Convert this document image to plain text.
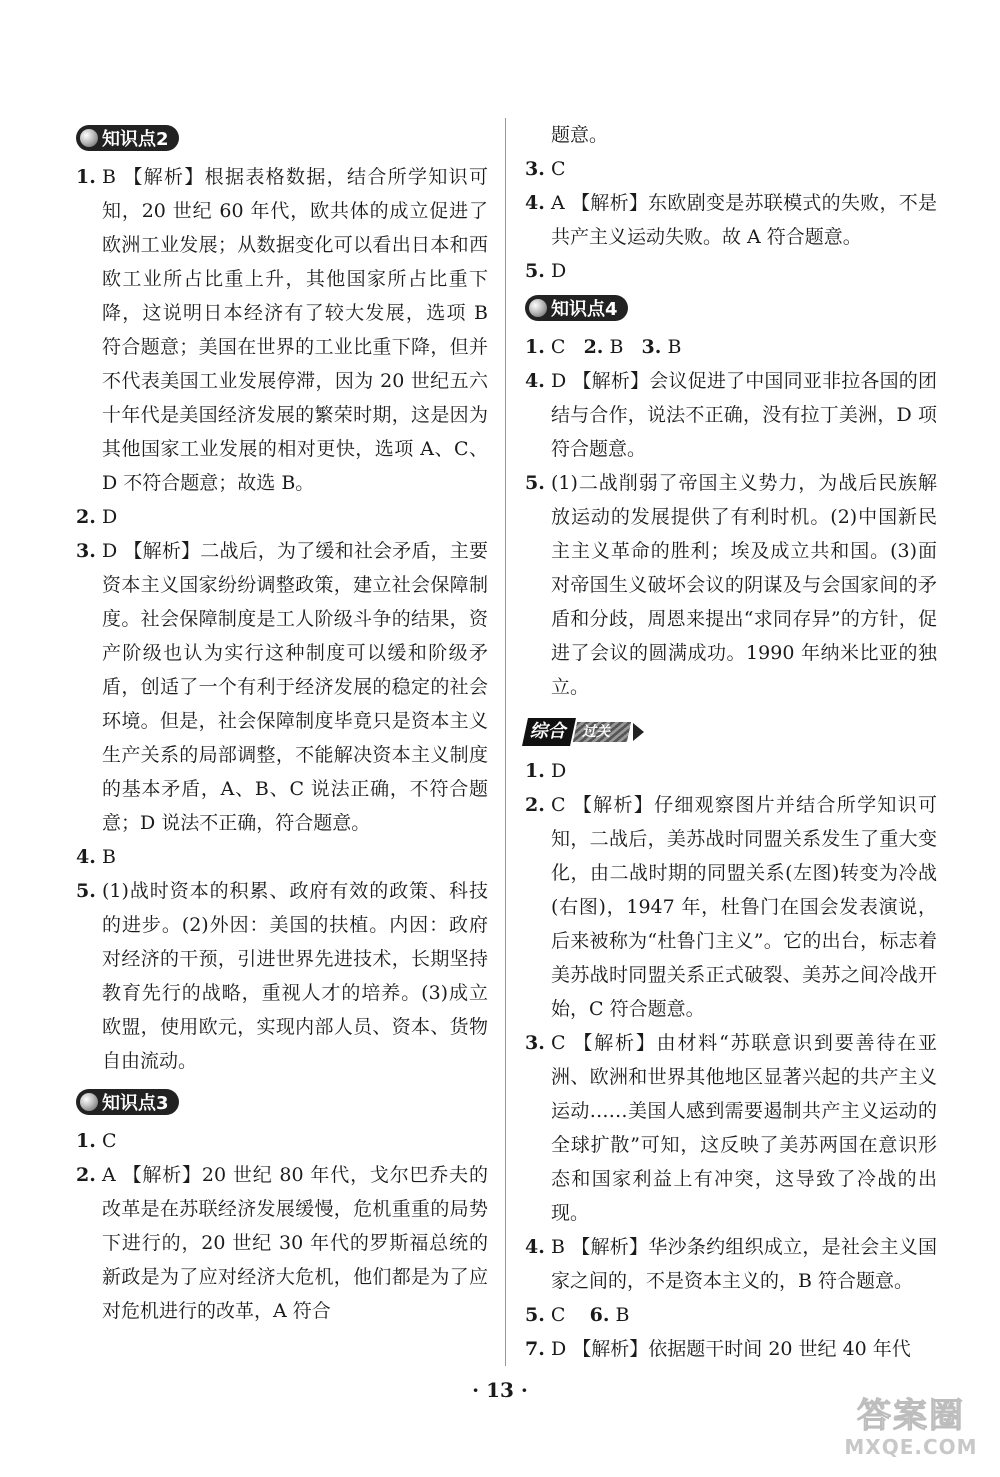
知识点2
1. B 【解析】根据表格数据，结合所学知识可知，20 世纪 60 年代，欧共体的成立促进了欧洲工业发展；从数据变化可以看出日本和西欧工业所占比重上升，其他国家所占比重下降，这说明日本经济有了较大发展，选项 B 符合题意；美国在世界的工业比重下降，但并不代表美国工业发展停滞，因为 20 世纪五六十年代是美国经济发展的繁荣时期，这是因为其他国家工业发展的相对更快，选项 A、C、D 不符合题意；故选 B。
2. D
3. D 【解析】二战后，为了缓和社会矛盾，主要资本主义国家纷纷调整政策，建立社会保障制度。社会保障制度是工人阶级斗争的结果，资产阶级也认为实行这种制度可以缓和阶级矛盾，创适了一个有利于经济发展的稳定的社会环境。但是，社会保障制度毕竟只是资本主义生产关系的局部调整，不能解决资本主义制度的基本矛盾，A、B、C 说法正确，不符合题意；D 说法不正确，符合题意。
4. B
5. (1)战时资本的积累、政府有效的政策、科技的进步。(2)外因：美国的扶植。内因：政府对经济的干预，引进世界先进技术，长期坚持教育先行的战略，重视人才的培养。(3)成立欧盟，使用欧元，实现内部人员、资本、货物自由流动。
知识点3
1. C
2. A 【解析】20 世纪 80 年代，戈尔巴乔夫的改革是在苏联经济发展缓慢，危机重重的局势下进行的，20 世纪 30 年代的罗斯福总统的新政是为了应对经济大危机，他们都是为了应对危机进行的改革，A 符合
题意。
3. C
4. A 【解析】东欧剧变是苏联模式的失败，不是共产主义运动失败。故 A 符合题意。
5. D
知识点4
1. C 2. B 3. B
4. D 【解析】会议促进了中国同亚非拉各国的团结与合作，说法不正确，没有拉丁美洲，D 项符合题意。
5. (1)二战削弱了帝国主义势力，为战后民族解放运动的发展提供了有利时机。(2)中国新民主主义革命的胜利；埃及成立共和国。(3)面对帝国生义破坏会议的阴谋及与会国家间的矛盾和分歧，周恩来提出“求同存异”的方针，促进了会议的圆满成功。1990 年纳米比亚的独立。
综合 过关
1. D
2. C 【解析】仔细观察图片并结合所学知识可知，二战后，美苏战时同盟关系发生了重大变化，由二战时期的同盟关系(左图)转变为冷战(右图)，1947 年，杜鲁门在国会发表演说，后来被称为“杜鲁门主义”。它的出台，标志着美苏战时同盟关系正式破裂、美苏之间冷战开始，C 符合题意。
3. C 【解析】由材料“苏联意识到要善待在亚洲、欧洲和世界其他地区显著兴起的共产主义运动……美国人感到需要遏制共产主义运动的全球扩散”可知，这反映了美苏两国在意识形态和国家利益上有冲突，这导致了冷战的出现。
4. B 【解析】华沙条约组织成立，是社会主义国家之间的，不是资本主义的，B 符合题意。
5. C 6. B
7. D 【解析】依据题干时间 20 世纪 40 年代
· 13 ·
答案圈
MXQE.COM
